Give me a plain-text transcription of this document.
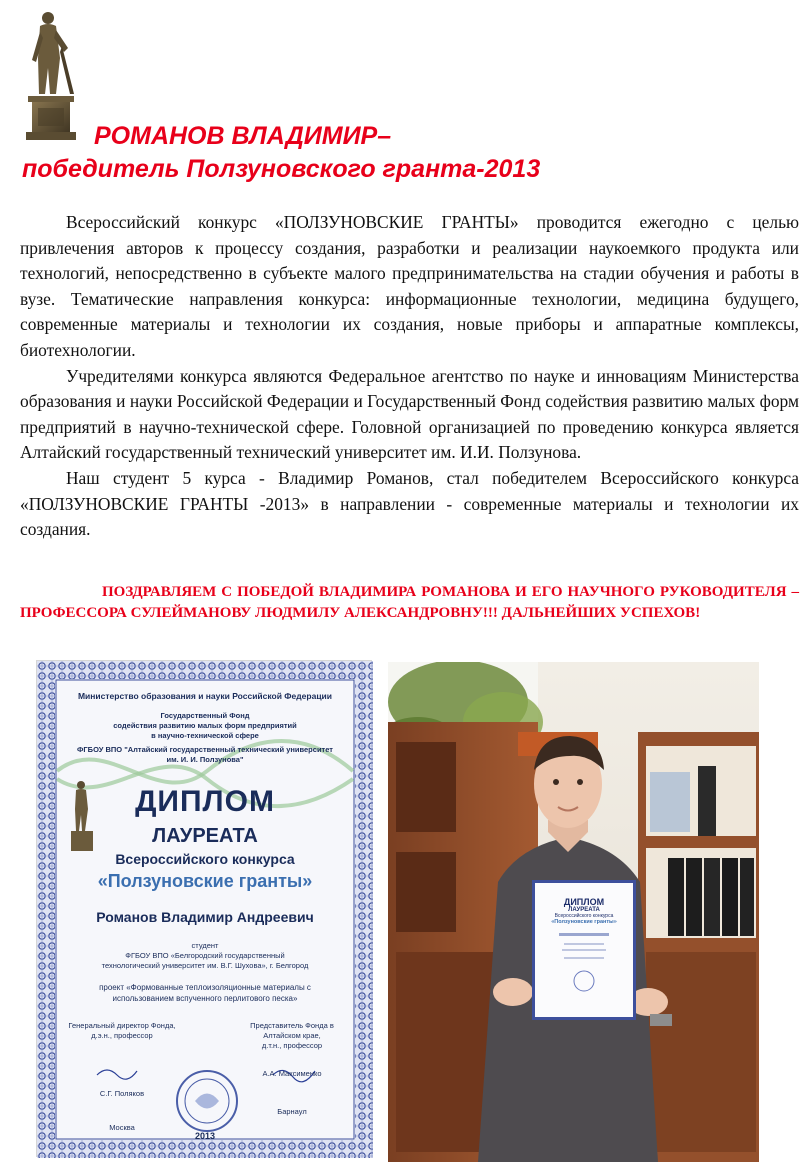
РОМАНОВ ВЛАДИМИР–
победитель Ползуновского гранта-2013

Всероссийский конкурс «ПОЛЗУНОВСКИЕ ГРАНТЫ» проводится ежегодно с целью привлечения авторов к процессу создания, разработки и реализации наукоемкого продукта или технологий, непосредственно в субъекте малого предпринимательства на стадии обучения и работы в вузе. Тематические направления конкурса: информационные технологии, медицина будущего, современные материалы и технологии их создания, новые приборы и аппаратные комплексы, биотехнологии.

Учредителями конкурса являются Федеральное агентство по науке и инновациям Министерства образования и науки Российской Федерации и Государственный Фонд содействия развитию малых форм предприятий в научно-технической сфере. Головной организацией по проведению конкурса является Алтайский государственный технический университет им. И.И. Ползунова.

Наш студент 5 курса - Владимир Романов, стал победителем Всероссийского конкурса «ПОЛЗУНОВСКИЕ ГРАНТЫ -2013» в направлении - современные материалы и технологии их создания.

ПОЗДРАВЛЯЕМ С ПОБЕДОЙ ВЛАДИМИРА РОМАНОВА И ЕГО НАУЧНОГО РУКОВОДИТЕЛЯ – ПРОФЕССОРА СУЛЕЙМАНОВУ ЛЮДМИЛУ АЛЕКСАНДРОВНУ!!! ДАЛЬНЕЙШИХ УСПЕХОВ!

Министерство образования и науки Российской Федерации
Государственный Фонд
содействия развитию малых форм предприятий
в научно-технической сфере
ФГБОУ ВПО "Алтайский государственный технический университет
им. И. И. Ползунова"
ДИПЛОМ
ЛАУРЕАТА
Всероссийского конкурса
«Ползуновские гранты»
Романов Владимир Андреевич
студент
ФГБОУ ВПО «Белгородский государственный
технологический университет им. В.Г. Шухова», г. Белгород
проект «Формованные теплоизоляционные материалы с
использованием вспученного перлитового песка»
Генеральный директор Фонда,
д.э.н., профессор
Представитель Фонда в
Алтайском крае,
д.т.н., профессор
С.Г. Поляков
А.А. Максименко
Москва
Барнаул
2013
ДИПЛОМ
ЛАУРЕАТА
Всероссийского конкурса
«Ползуновские гранты»
